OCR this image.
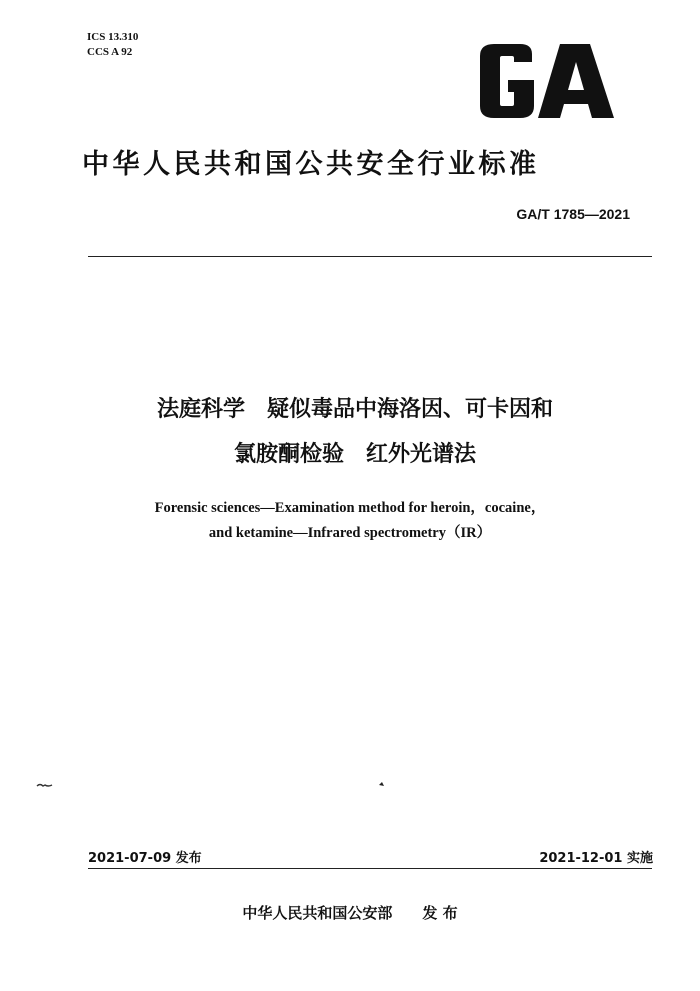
ICS 13.310
CCS A 92
中华人民共和国公共安全行业标准
GA/T 1785—2021
法庭科学　疑似毒品中海洛因、可卡因和
氯胺酮检验　红外光谱法
Forensic sciences—Examination method for heroin，cocaine，
and ketamine—Infrared spectrometry（IR）
2021-07-09 发布	2021-12-01 实施
中华人民共和国公安部 发 布
